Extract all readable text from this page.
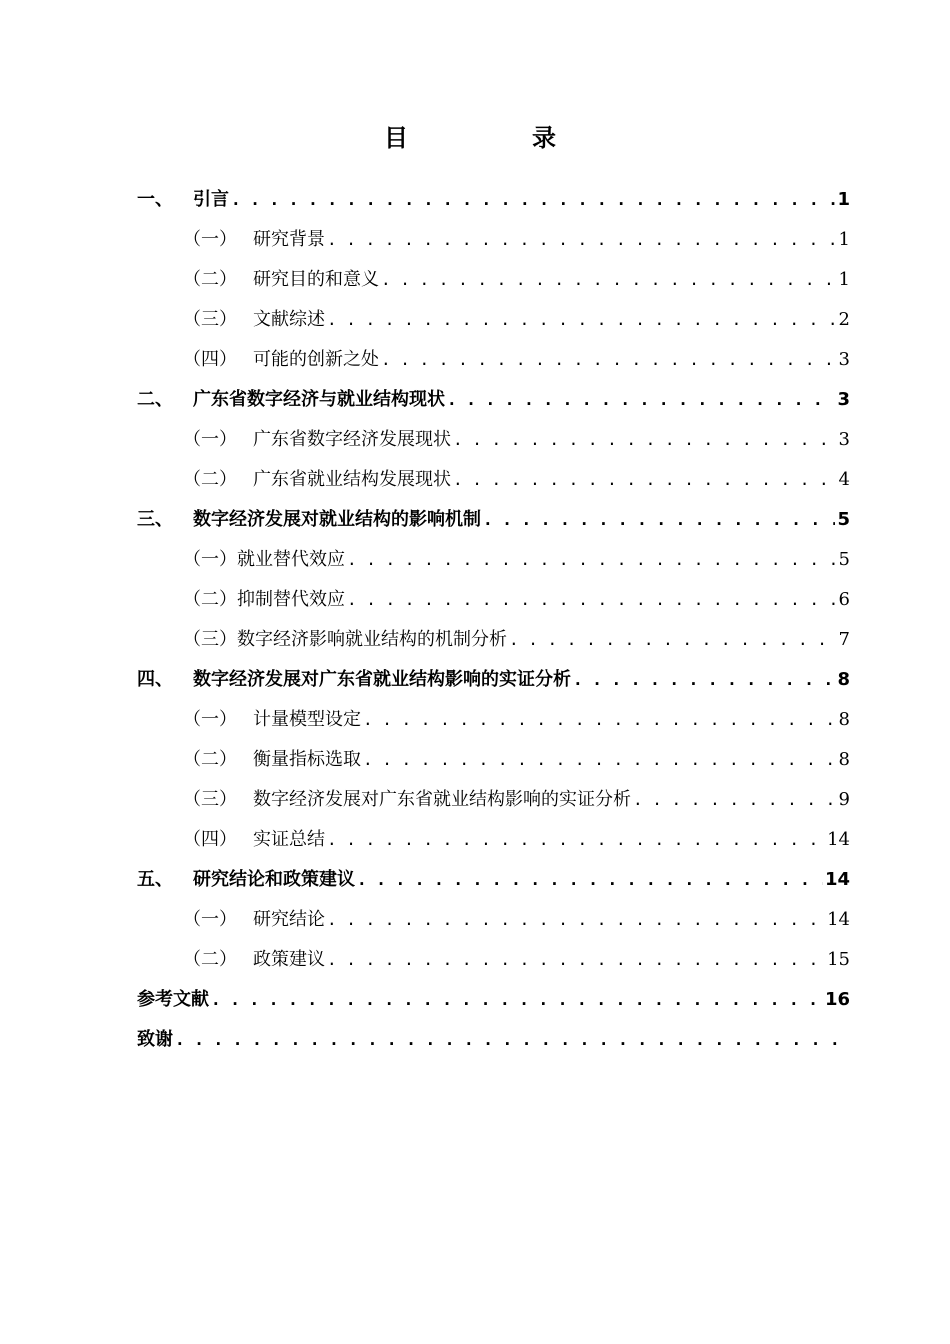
目　录
一、	引言 . . .	1
（一） 研究背景 . . .	1
（二） 研究目的和意义 . . .	1
（三） 文献综述 . . .	2
（四） 可能的创新之处 . . .	3
二、	广东省数字经济与就业结构现状 . . .	3
（一） 广东省数字经济发展现状 . . .	3
（二） 广东省就业结构发展现状 . . .	4
三、	数字经济发展对就业结构的影响机制 . . .	5
（一） 就业替代效应 . . .	5
（二） 抑制替代效应 . . .	6
（三） 数字经济影响就业结构的机制分析 . . .	7
四、	数字经济发展对广东省就业结构影响的实证分析 . . .	8
（一） 计量模型设定 . . .	8
（二） 衡量指标选取 . . .	8
（三） 数字经济发展对广东省就业结构影响的实证分析 . . .	9
（四） 实证总结 . . .	14
五、	研究结论和政策建议 . . .	14
（一） 研究结论 . . .	14
（二） 政策建议 . . .	15
参考文献 . . .	16
致谢
. . .
